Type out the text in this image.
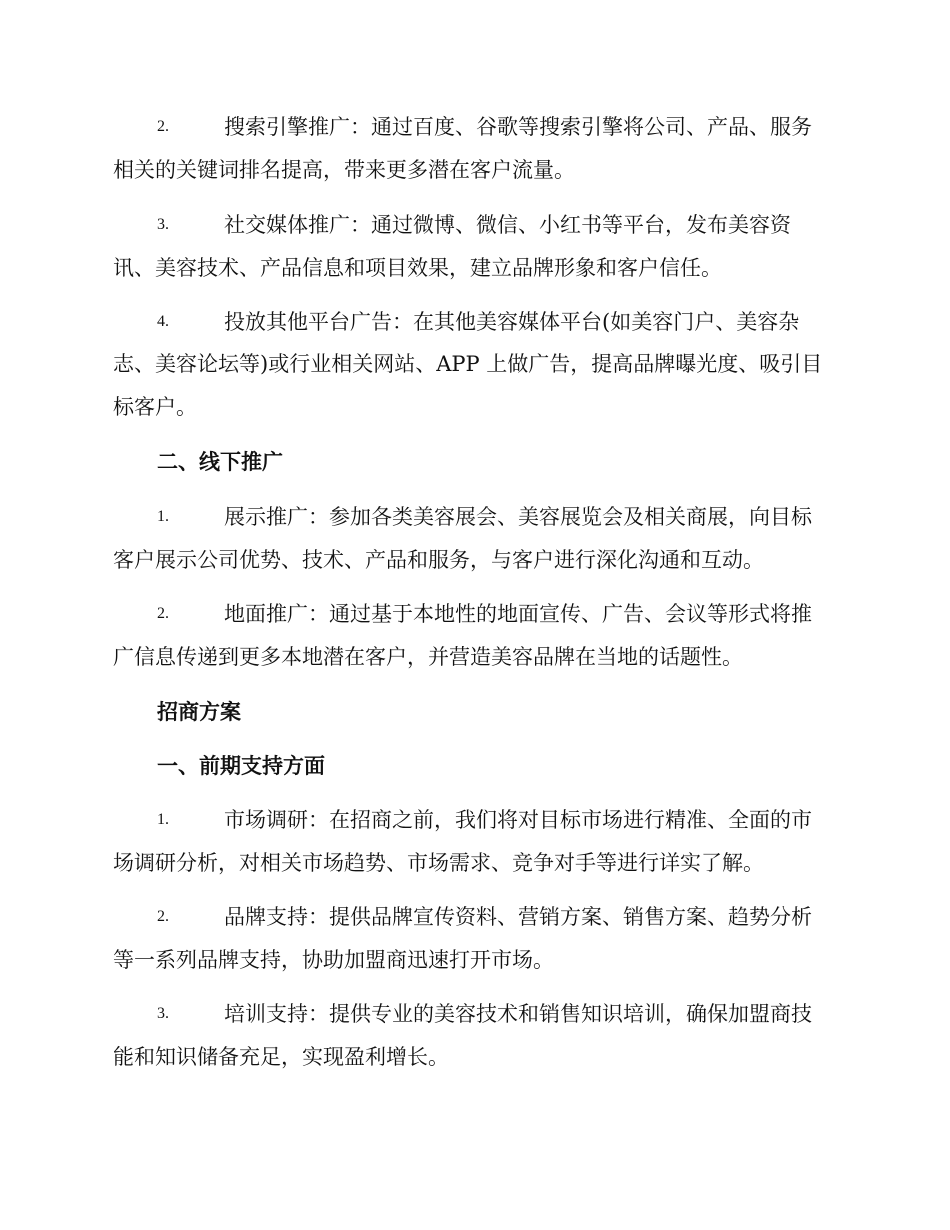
2.	搜索引擎推广：通过百度、谷歌等搜索引擎将公司、产品、服务
相关的关键词排名提高，带来更多潜在客户流量。
3.	社交媒体推广：通过微博、微信、小红书等平台，发布美容资
讯、美容技术、产品信息和项目效果，建立品牌形象和客户信任。
4.	投放其他平台广告：在其他美容媒体平台(如美容门户、美容杂
志、美容论坛等)或行业相关网站、APP 上做广告，提高品牌曝光度、吸引目
标客户。
二、线下推广
1.	展示推广：参加各类美容展会、美容展览会及相关商展，向目标
客户展示公司优势、技术、产品和服务，与客户进行深化沟通和互动。
2.	地面推广：通过基于本地性的地面宣传、广告、会议等形式将推
广信息传递到更多本地潜在客户，并营造美容品牌在当地的话题性。
招商方案
一、前期支持方面
1.	市场调研：在招商之前，我们将对目标市场进行精准、全面的市
场调研分析，对相关市场趋势、市场需求、竞争对手等进行详实了解。
2.	品牌支持：提供品牌宣传资料、营销方案、销售方案、趋势分析
等一系列品牌支持，协助加盟商迅速打开市场。
3.	培训支持：提供专业的美容技术和销售知识培训，确保加盟商技
能和知识储备充足，实现盈利增长。
